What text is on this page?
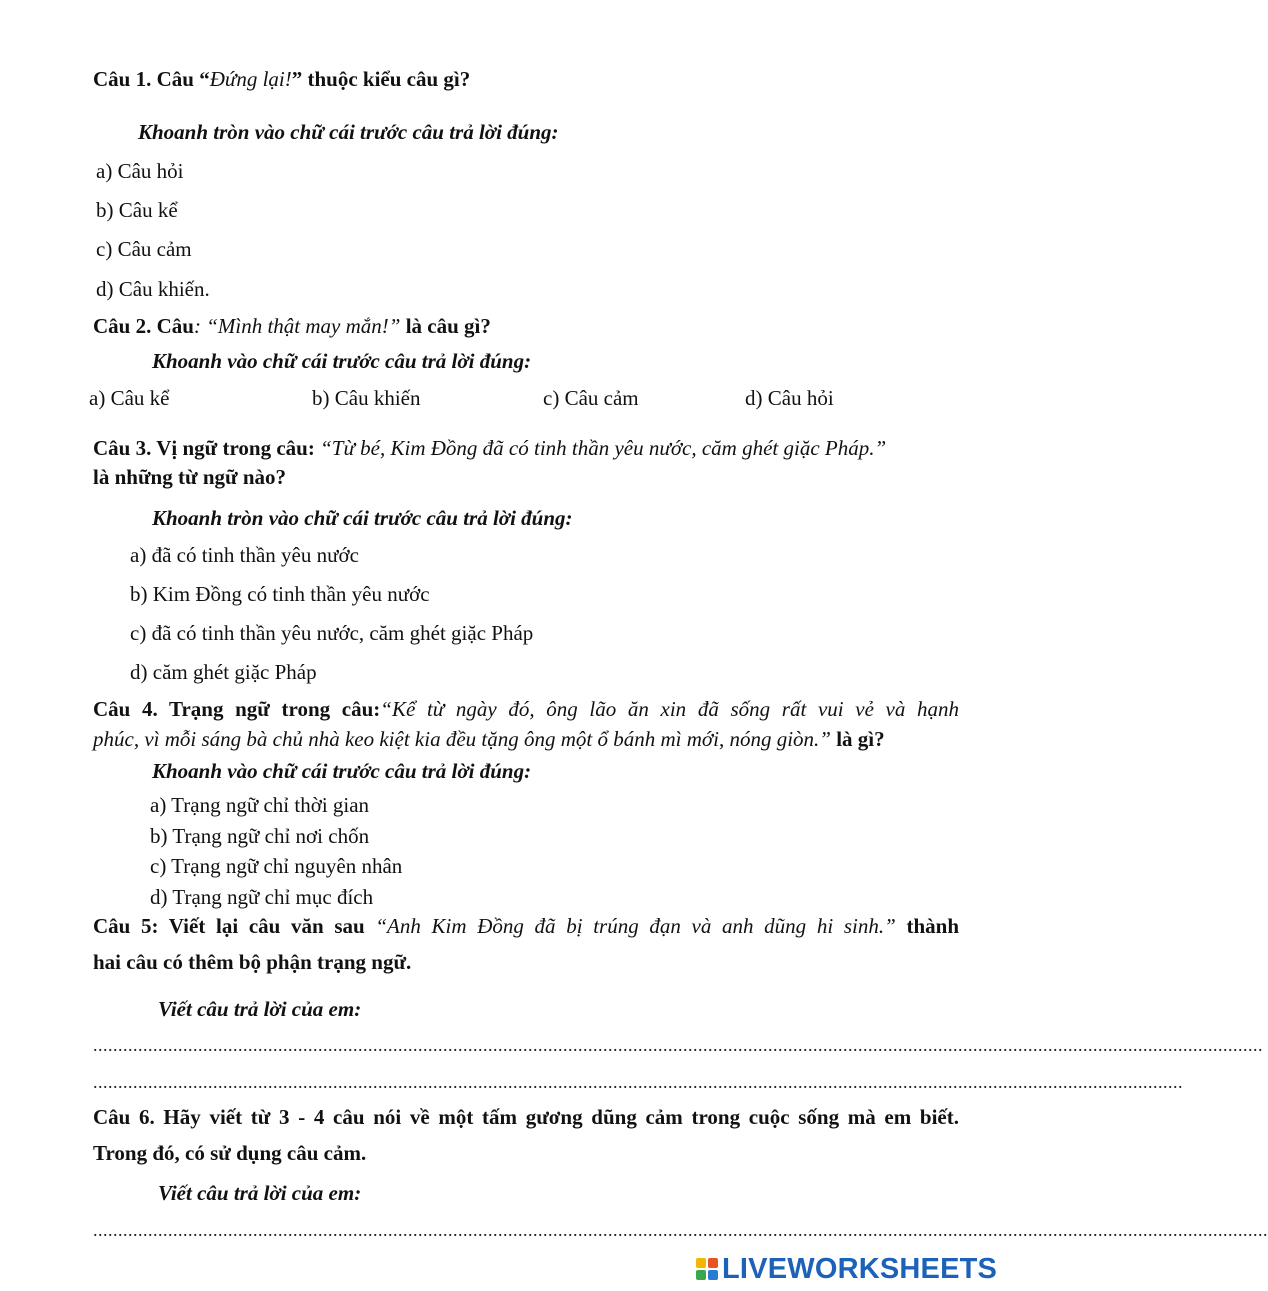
Câu 1. Câu “Đứng lại!” thuộc kiểu câu gì?
Khoanh tròn vào chữ cái trước câu trả lời đúng:
a) Câu hỏi
b) Câu kể
c) Câu cảm
d) Câu khiến.
Câu 2. Câu: “Mình thật may mắn!” là câu gì?
Khoanh vào chữ cái trước câu trả lời đúng:
a) Câu kể	b) Câu khiến	c) Câu cảm	d) Câu hỏi
Câu 3. Vị ngữ trong câu: “Từ bé, Kim Đồng đã có tinh thần yêu nước, căm ghét giặc Pháp.”
là những từ ngữ nào?
Khoanh tròn vào chữ cái trước câu trả lời đúng:
a) đã có tinh thần yêu nước
b) Kim Đồng có tinh thần yêu nước
c) đã có tinh thần yêu nước, căm ghét giặc Pháp
d) căm ghét giặc Pháp
Câu 4. Trạng ngữ trong câu:“Kể từ ngày đó, ông lão ăn xin đã sống rất vui vẻ và hạnh
phúc, vì mỗi sáng bà chủ nhà keo kiệt kia đều tặng ông một ổ bánh mì mới, nóng giòn.” là gì?
Khoanh vào chữ cái trước câu trả lời đúng:
a) Trạng ngữ chỉ thời gian
b) Trạng ngữ chỉ nơi chốn
c) Trạng ngữ chỉ nguyên nhân
d) Trạng ngữ chỉ mục đích
Câu 5: Viết lại câu văn sau “Anh Kim Đồng đã bị trúng đạn và anh dũng hi sinh.” thành
hai câu có thêm bộ phận trạng ngữ.
Viết câu trả lời của em:
..........................................................................................................................................................................................................................................
..........................................................................................................................................................................................................................
Câu 6. Hãy viết từ 3 - 4 câu nói về một tấm gương dũng cảm trong cuộc sống mà em biết.
Trong đó, có sử dụng câu cảm.
Viết câu trả lời của em:
...........................................................................................................................................................................................................................................
LIVEWORKSHEETS
